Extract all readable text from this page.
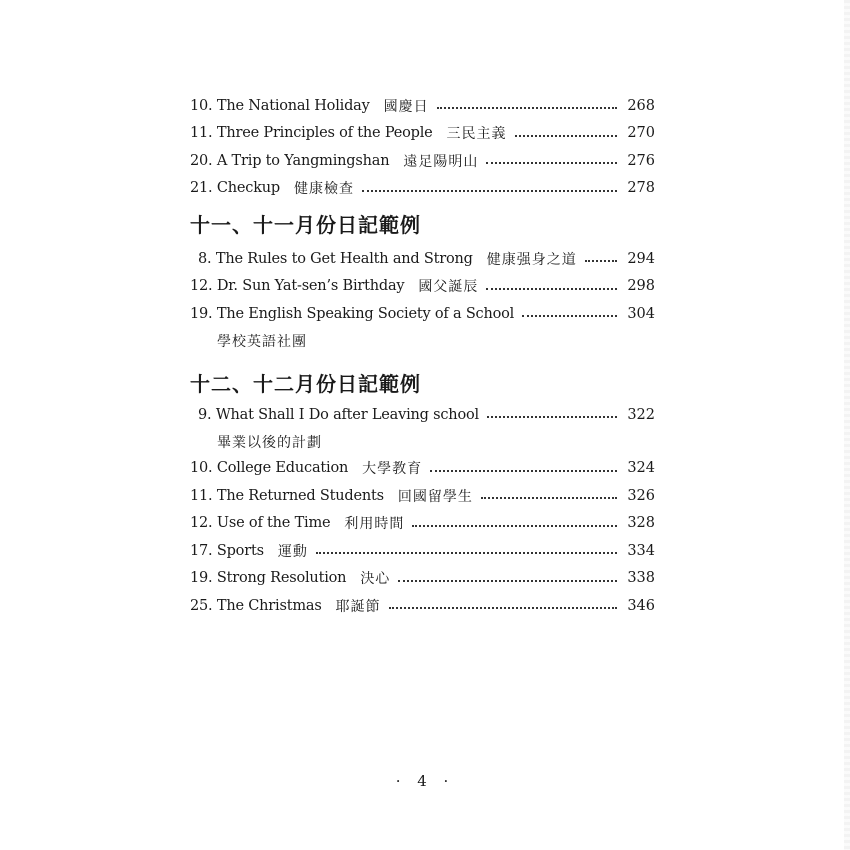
10. The National Holiday 國慶日	268
11. Three Principles of the People 三民主義	270
20. A Trip to Yangmingshan 遠足陽明山	276
21. Checkup 健康檢查	278
十一、十一月份日記範例
8. The Rules to Get Health and Strong 健康强身之道	294
12. Dr. Sun Yat-sen’s Birthday 國父誕辰	298
19. The English Speaking Society of a School	304
學校英語社團
十二、十二月份日記範例
9. What Shall I Do after Leaving school	322
畢業以後的計劃
10. College Education 大學教育	324
11. The Returned Students 回國留學生	326
12. Use of the Time 利用時間	328
17. Sports 運動	334
19. Strong Resolution 決心	338
25. The Christmas 耶誕節	346
· 4 ·
